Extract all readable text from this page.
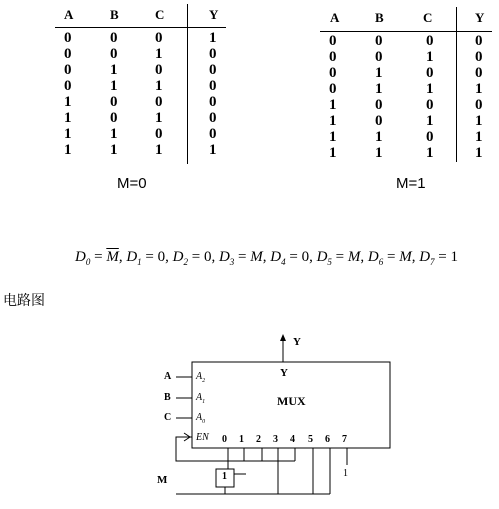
A	B	C	Y
0	0	0	1
0	0	1	0
0	1	0	0
0	1	1	0
1	0	0	0
1	0	1	0
1	1	0	0
1	1	1	1
M=0
A	B	C	Y
0	0	0	0
0	0	1	0
0	1	0	0
0	1	1	1
1	0	0	0
1	0	1	1
1	1	0	1
1	1	1	1
M=1
$D_0 = \overline{M}$, $D_1 = 0$, $D_2 = 0$, $D_3 = M$, $D_4 = 0$, $D_5 = M$, $D_6 = M$, $D_7 = 1$
电路图
Y
Y
MUX
A
B
C
$A_2$
$A_1$
$A_0$
EN 0 1 2 3 4 5 6 7
M	1	1
